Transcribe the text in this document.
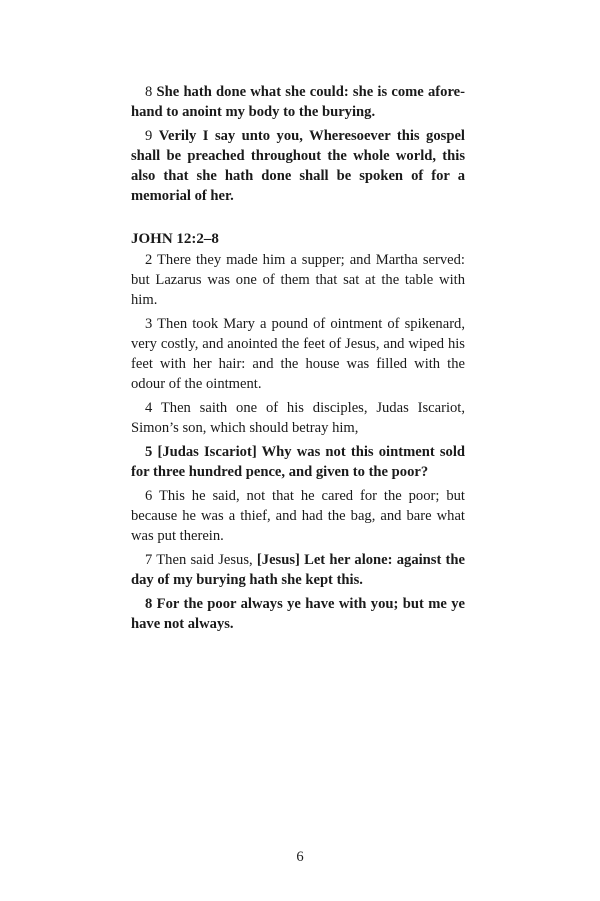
8 She hath done what she could: she is come afore-hand to anoint my body to the burying.

9 Verily I say unto you, Wheresoever this gospel shall be preached throughout the whole world, this also that she hath done shall be spoken of for a memorial of her.

JOHN 12:2–8

2 There they made him a supper; and Martha served: but Lazarus was one of them that sat at the table with him.

3 Then took Mary a pound of ointment of spikenard, very costly, and anointed the feet of Jesus, and wiped his feet with her hair: and the house was filled with the odour of the ointment.

4 Then saith one of his disciples, Judas Iscariot, Simon’s son, which should betray him,

5 [Judas Iscariot] Why was not this ointment sold for three hundred pence, and given to the poor?

6 This he said, not that he cared for the poor; but because he was a thief, and had the bag, and bare what was put therein.

7 Then said Jesus, [Jesus] Let her alone: against the day of my burying hath she kept this.

8 For the poor always ye have with you; but me ye have not always.

6
